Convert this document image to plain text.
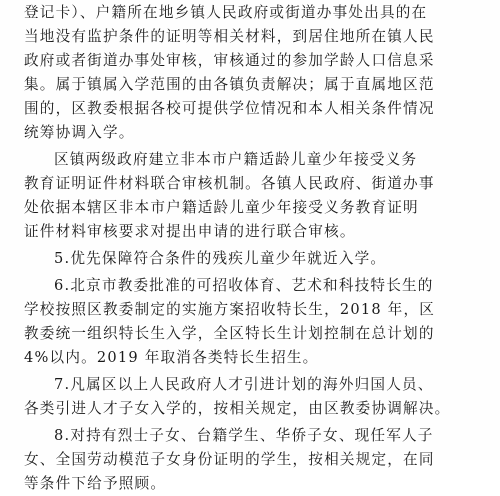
登记卡）、户籍所在地乡镇人民政府或街道办事处出具的在
当地没有监护条件的证明等相关材料，到居住地所在镇人民
政府或者街道办事处审核，审核通过的参加学龄人口信息采
集。属于镇属入学范围的由各镇负责解决；属于直属地区范
围的，区教委根据各校可提供学位情况和本人相关条件情况
统筹协调入学。
区镇两级政府建立非本市户籍适龄儿童少年接受义务
教育证明证件材料联合审核机制。各镇人民政府、街道办事
处依据本辖区非本市户籍适龄儿童少年接受义务教育证明
证件材料审核要求对提出申请的进行联合审核。
5.优先保障符合条件的残疾儿童少年就近入学。
6.北京市教委批准的可招收体育、艺术和科技特长生的
学校按照区教委制定的实施方案招收特长生，2018 年，区
教委统一组织特长生入学，全区特长生计划控制在总计划的
4%以内。2019 年取消各类特长生招生。
7.凡属区以上人民政府人才引进计划的海外归国人员、
各类引进人才子女入学的，按相关规定，由区教委协调解决。
8.对持有烈士子女、台籍学生、华侨子女、现任军人子
女、全国劳动模范子女身份证明的学生，按相关规定，在同
等条件下给予照顾。
